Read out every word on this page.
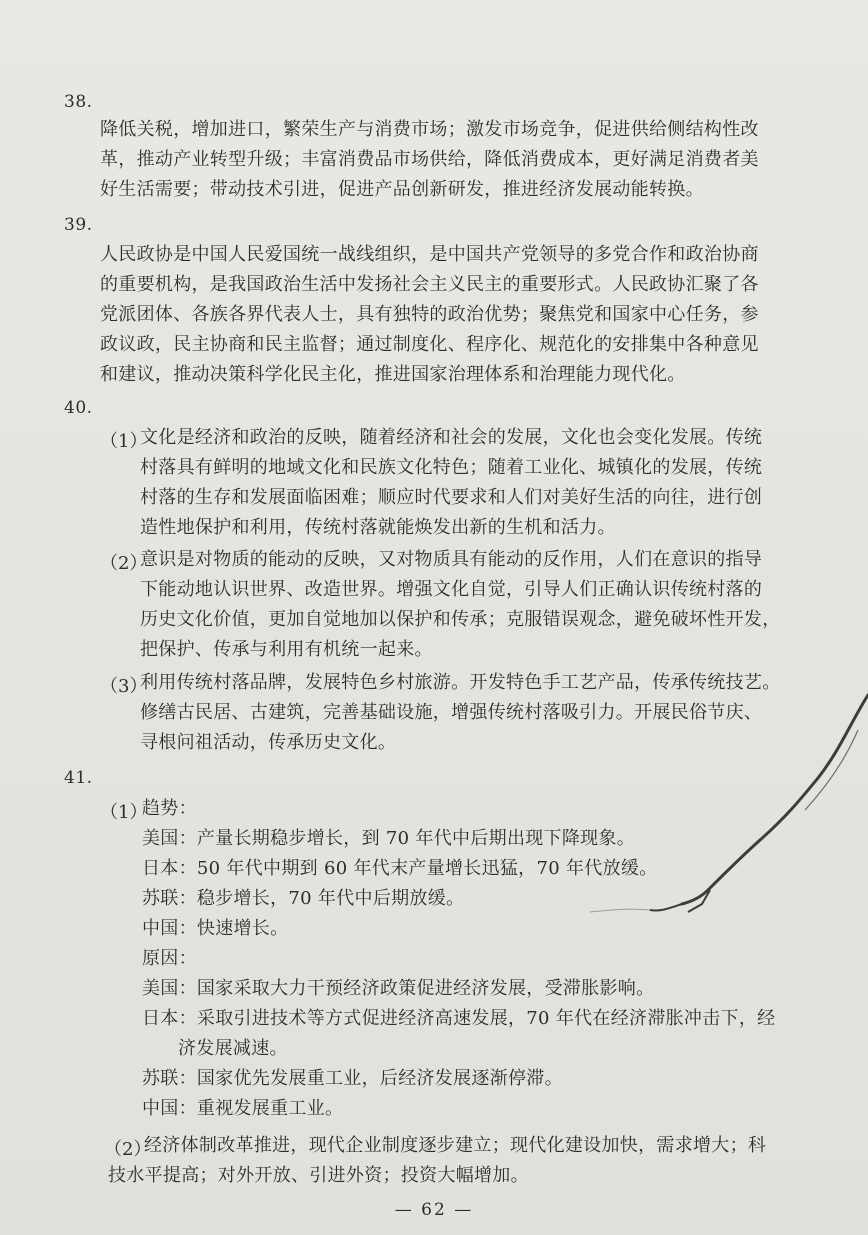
38.
降低关税，增加进口，繁荣生产与消费市场；激发市场竞争，促进供给侧结构性改
革，推动产业转型升级；丰富消费品市场供给，降低消费成本，更好满足消费者美
好生活需要；带动技术引进，促进产品创新研发，推进经济发展动能转换。
39.
人民政协是中国人民爱国统一战线组织，是中国共产党领导的多党合作和政治协商
的重要机构，是我国政治生活中发扬社会主义民主的重要形式。人民政协汇聚了各
党派团体、各族各界代表人士，具有独特的政治优势；聚焦党和国家中心任务，参
政议政，民主协商和民主监督；通过制度化、程序化、规范化的安排集中各种意见
和建议，推动决策科学化民主化，推进国家治理体系和治理能力现代化。
40.
（1）
文化是经济和政治的反映，随着经济和社会的发展，文化也会变化发展。传统
村落具有鲜明的地域文化和民族文化特色；随着工业化、城镇化的发展，传统
村落的生存和发展面临困难；顺应时代要求和人们对美好生活的向往，进行创
造性地保护和利用，传统村落就能焕发出新的生机和活力。
（2）
意识是对物质的能动的反映，又对物质具有能动的反作用，人们在意识的指导
下能动地认识世界、改造世界。增强文化自觉，引导人们正确认识传统村落的
历史文化价值，更加自觉地加以保护和传承；克服错误观念，避免破坏性开发，
把保护、传承与利用有机统一起来。
（3）
利用传统村落品牌，发展特色乡村旅游。开发特色手工艺产品，传承传统技艺。
修缮古民居、古建筑，完善基础设施，增强传统村落吸引力。开展民俗节庆、
寻根问祖活动，传承历史文化。
41.
（1）
趋势：
美国：产量长期稳步增长，到 70 年代中后期出现下降现象。
日本：50 年代中期到 60 年代末产量增长迅猛，70 年代放缓。
苏联：稳步增长，70 年代中后期放缓。
中国：快速增长。
原因：
美国：国家采取大力干预经济政策促进经济发展，受滞胀影响。
日本：采取引进技术等方式促进经济高速发展，70 年代在经济滞胀冲击下，经
济发展减速。
苏联：国家优先发展重工业，后经济发展逐渐停滞。
中国：重视发展重工业。
（2）
经济体制改革推进，现代企业制度逐步建立；现代化建设加快，需求增大；科
技水平提高；对外开放、引进外资；投资大幅增加。
— 62 —
